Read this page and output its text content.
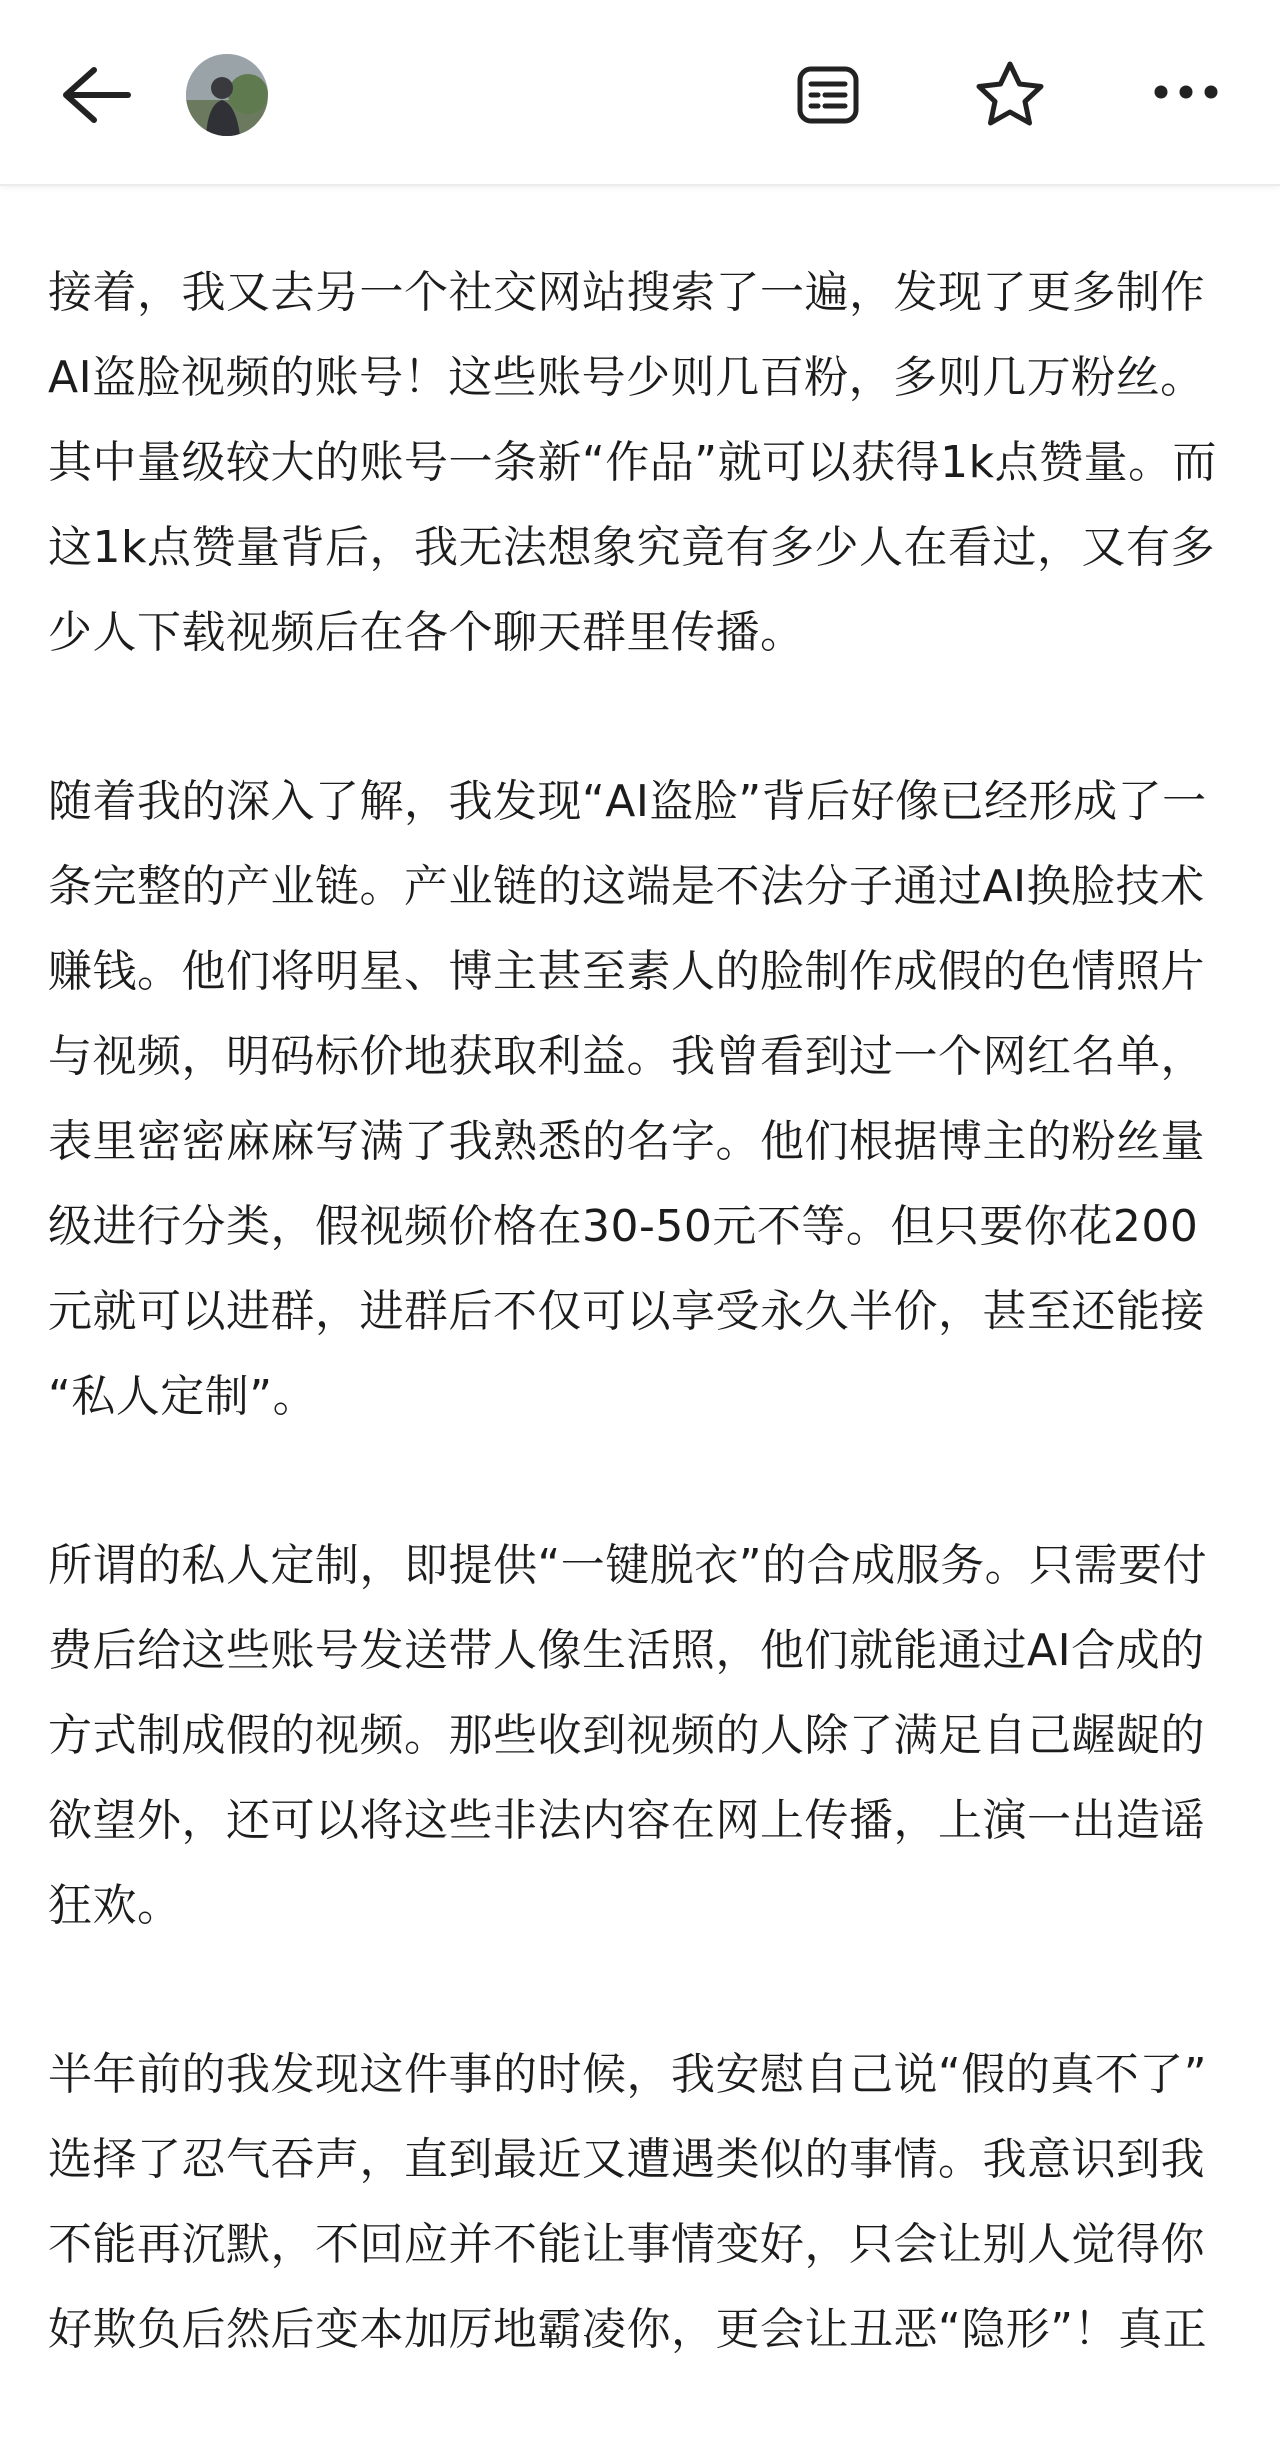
接着，我又去另一个社交网站搜索了一遍，发现了更多制作
AI盗脸视频的账号！这些账号少则几百粉，多则几万粉丝。
其中量级较大的账号一条新“作品”就可以获得1k点赞量。而
这1k点赞量背后，我无法想象究竟有多少人在看过，又有多
少人下载视频后在各个聊天群里传播。

随着我的深入了解，我发现“AI盗脸”背后好像已经形成了一
条完整的产业链。产业链的这端是不法分子通过AI换脸技术
赚钱。他们将明星、博主甚至素人的脸制作成假的色情照片
与视频，明码标价地获取利益。我曾看到过一个网红名单，
表里密密麻麻写满了我熟悉的名字。他们根据博主的粉丝量
级进行分类，假视频价格在30-50元不等。但只要你花200
元就可以进群，进群后不仅可以享受永久半价，甚至还能接
“私人定制”。

所谓的私人定制，即提供“一键脱衣”的合成服务。只需要付
费后给这些账号发送带人像生活照，他们就能通过AI合成的
方式制成假的视频。那些收到视频的人除了满足自己龌龊的
欲望外，还可以将这些非法内容在网上传播，上演一出造谣
狂欢。

半年前的我发现这件事的时候，我安慰自己说“假的真不了”
选择了忍气吞声，直到最近又遭遇类似的事情。我意识到我
不能再沉默，不回应并不能让事情变好，只会让别人觉得你
好欺负后然后变本加厉地霸凌你，更会让丑恶“隐形”！真正
